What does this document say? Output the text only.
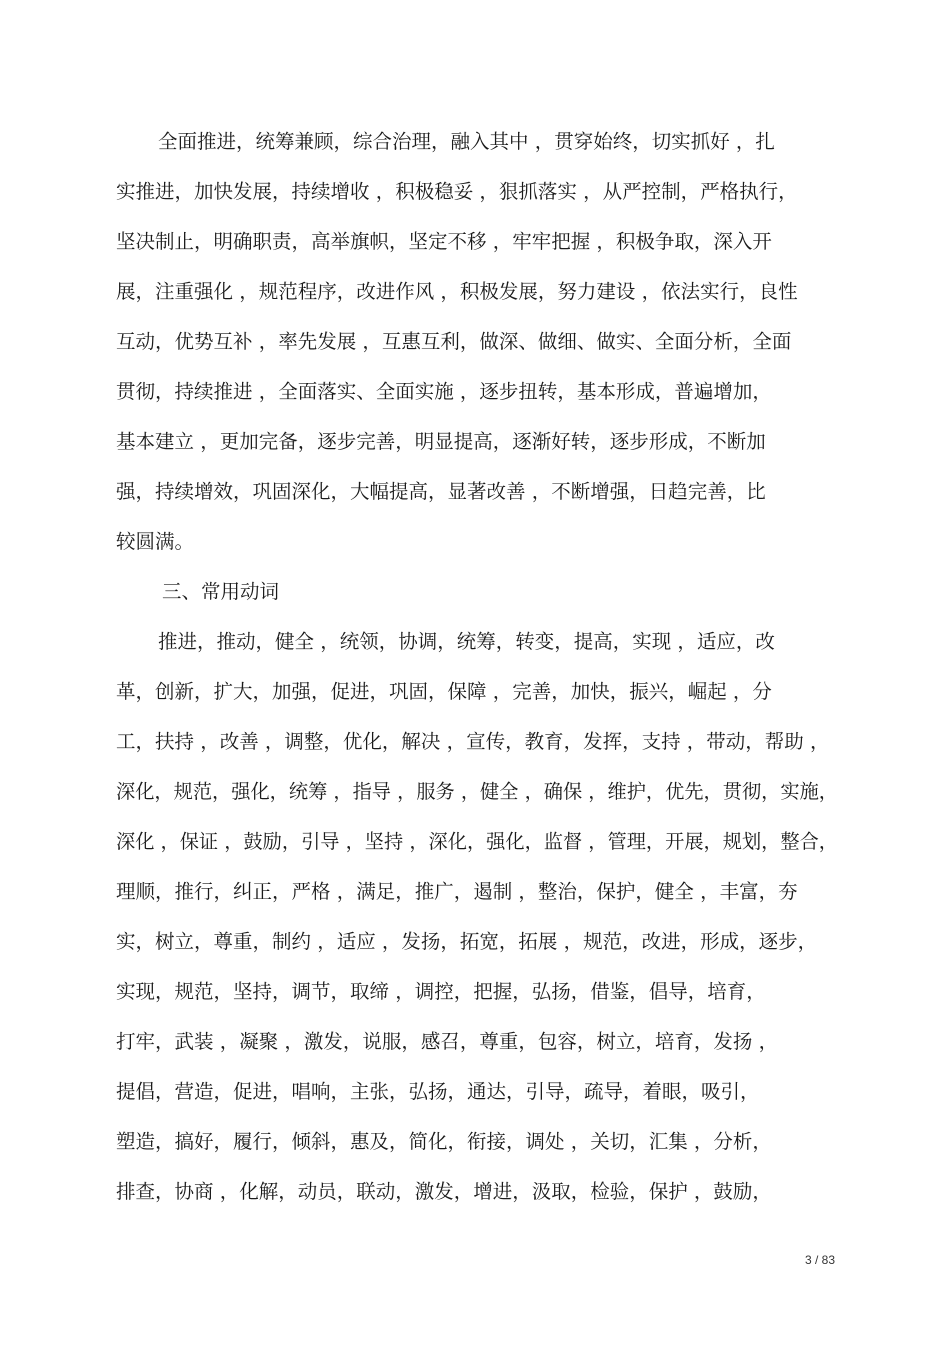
全面推进，统筹兼顾，综合治理，融入其中 ，贯穿始终，切实抓好 ，扎
实推进，加快发展，持续增收 ，积极稳妥 ，狠抓落实 ，从严控制，严格执行，
坚决制止，明确职责，高举旗帜，坚定不移 ，牢牢把握 ，积极争取，深入开
展，注重强化 ，规范程序，改进作风 ，积极发展，努力建设 ，依法实行，良性
互动，优势互补 ，率先发展 ，互惠互利，做深、做细、做实、全面分析，全面
贯彻，持续推进 ，全面落实、全面实施 ，逐步扭转，基本形成，普遍增加，
基本建立 ，更加完备，逐步完善，明显提高，逐渐好转，逐步形成，不断加
强，持续增效，巩固深化，大幅提高，显著改善 ，不断增强，日趋完善，比
较圆满。
三、常用动词
推进，推动，健全 ，统领，协调，统筹，转变，提高，实现 ，适应，改
革，创新，扩大，加强，促进，巩固，保障 ，完善，加快，振兴，崛起 ，分
工，扶持 ，改善 ，调整，优化，解决 ，宣传，教育，发挥，支持 ，带动，帮助 ，
深化，规范，强化，统筹 ，指导 ，服务 ，健全 ，确保 ，维护，优先，贯彻，实施，
深化 ，保证 ，鼓励，引导 ，坚持 ，深化，强化，监督 ，管理，开展，规划，整合，
理顺，推行，纠正，严格 ，满足，推广，遏制 ，整治，保护，健全 ，丰富，夯
实，树立，尊重，制约 ，适应 ，发扬，拓宽，拓展 ，规范，改进，形成，逐步，
实现，规范，坚持，调节，取缔 ，调控，把握，弘扬，借鉴，倡导，培育，
打牢，武装 ，凝聚 ，激发，说服，感召，尊重，包容，树立，培育，发扬 ，
提倡，营造，促进，唱响，主张，弘扬，通达，引导，疏导，着眼，吸引，
塑造，搞好，履行，倾斜，惠及，简化，衔接，调处 ，关切，汇集 ，分析，
排查，协商 ，化解，动员，联动，激发，增进，汲取，检验，保护 ，鼓励，
3 / 83
